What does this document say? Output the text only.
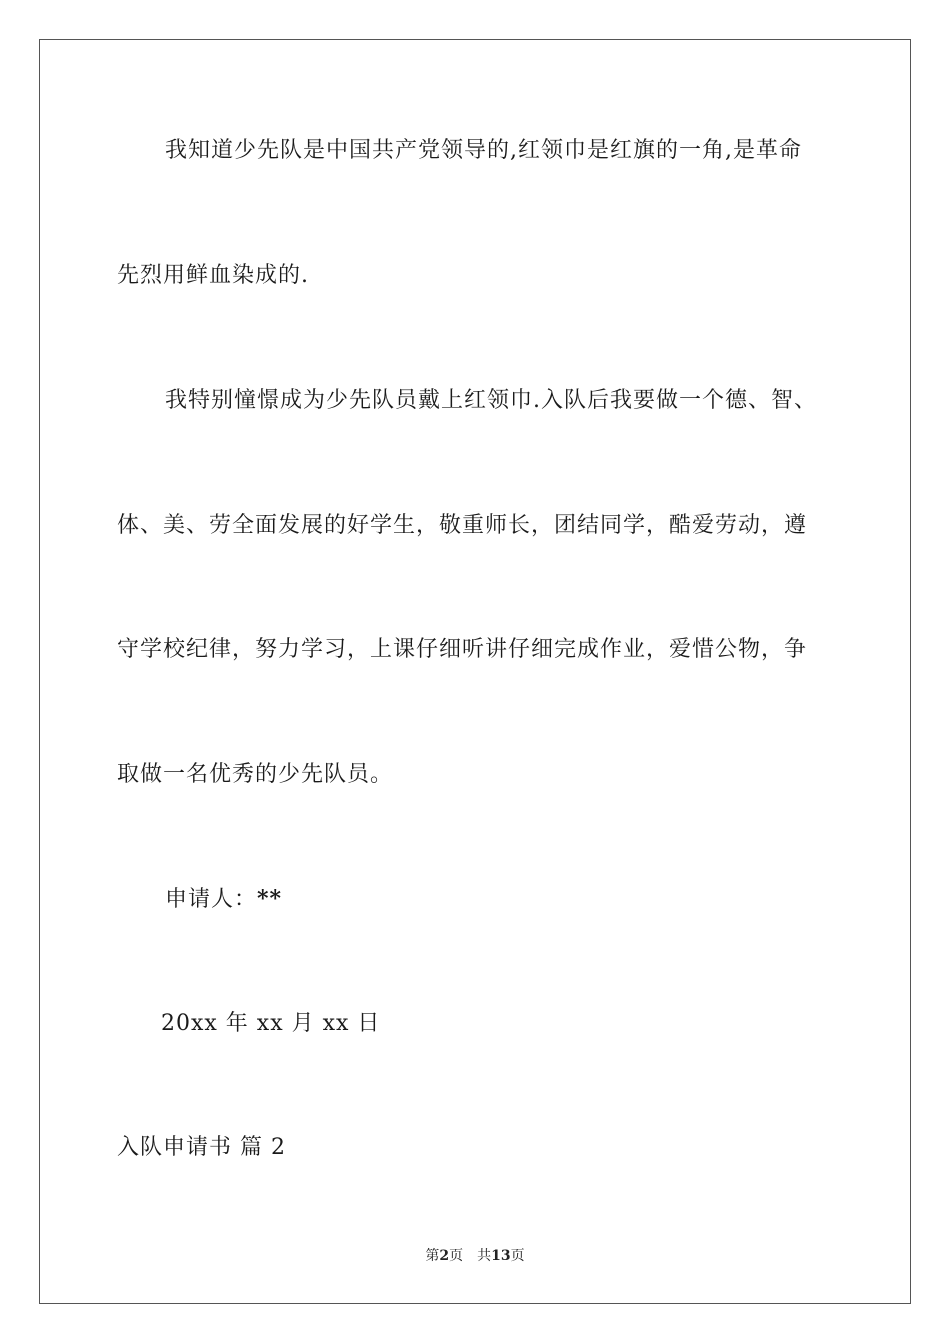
我知道少先队是中国共产党领导的,红领巾是红旗的一角,是革命
先烈用鲜血染成的.
我特别憧憬成为少先队员戴上红领巾.入队后我要做一个德、智、
体、美、劳全面发展的好学生，敬重师长，团结同学，酷爱劳动，遵
守学校纪律，努力学习，上课仔细听讲仔细完成作业，爱惜公物，争
取做一名优秀的少先队员。
申请人：**
20xx 年 xx 月 xx 日
入队申请书 篇 2
第2页 共13页
